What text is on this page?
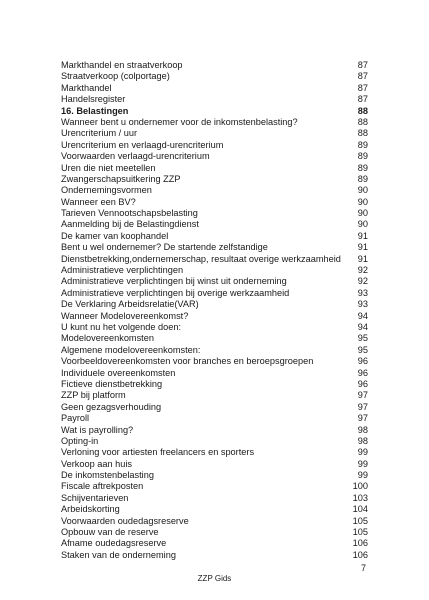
Markthandel en straatverkoop	87
Straatverkoop (colportage)	87
Markthandel	87
Handelsregister	87
16. Belastingen	88
Wanneer bent u ondernemer voor de inkomstenbelasting?	88
Urencriterium / uur	88
Urencriterium en verlaagd-urencriterium	89
Voorwaarden verlaagd-urencriterium	89
Uren die niet meetellen	89
Zwangerschapsuitkering ZZP	89
Ondernemingsvormen	90
Wanneer een BV?	90
Tarieven Vennootschapsbelasting	90
Aanmelding bij de Belastingdienst	90
De kamer van koophandel	91
Bent u wel ondernemer? De startende zelfstandige	91
Dienstbetrekking,ondernemerschap, resultaat overige werkzaamheid	91
Administratieve verplichtingen	92
Administratieve verplichtingen bij winst uit onderneming	92
Administratieve verplichtingen bij overige werkzaamheid	93
De Verklaring Arbeidsrelatie(VAR)	93
Wanneer Modelovereenkomst?	94
U kunt nu het volgende doen:	94
Modelovereenkomsten	95
Algemene modelovereenkomsten:	95
Voorbeeldovereenkomsten voor branches en beroepsgroepen	96
Individuele overeenkomsten	96
Fictieve dienstbetrekking	96
ZZP bij platform	97
Geen gezagsverhouding	97
Payroll	97
Wat is payrolling?	98
Opting-in	98
Verloning voor artiesten freelancers en sporters	99
Verkoop aan huis	99
De inkomstenbelasting	99
Fiscale aftrekposten	100
Schijventarieven	103
Arbeidskorting	104
Voorwaarden oudedagsreserve	105
Opbouw van de reserve	105
Afname oudedagsreserve	106
Staken van de onderneming	106
7
ZZP Gids
